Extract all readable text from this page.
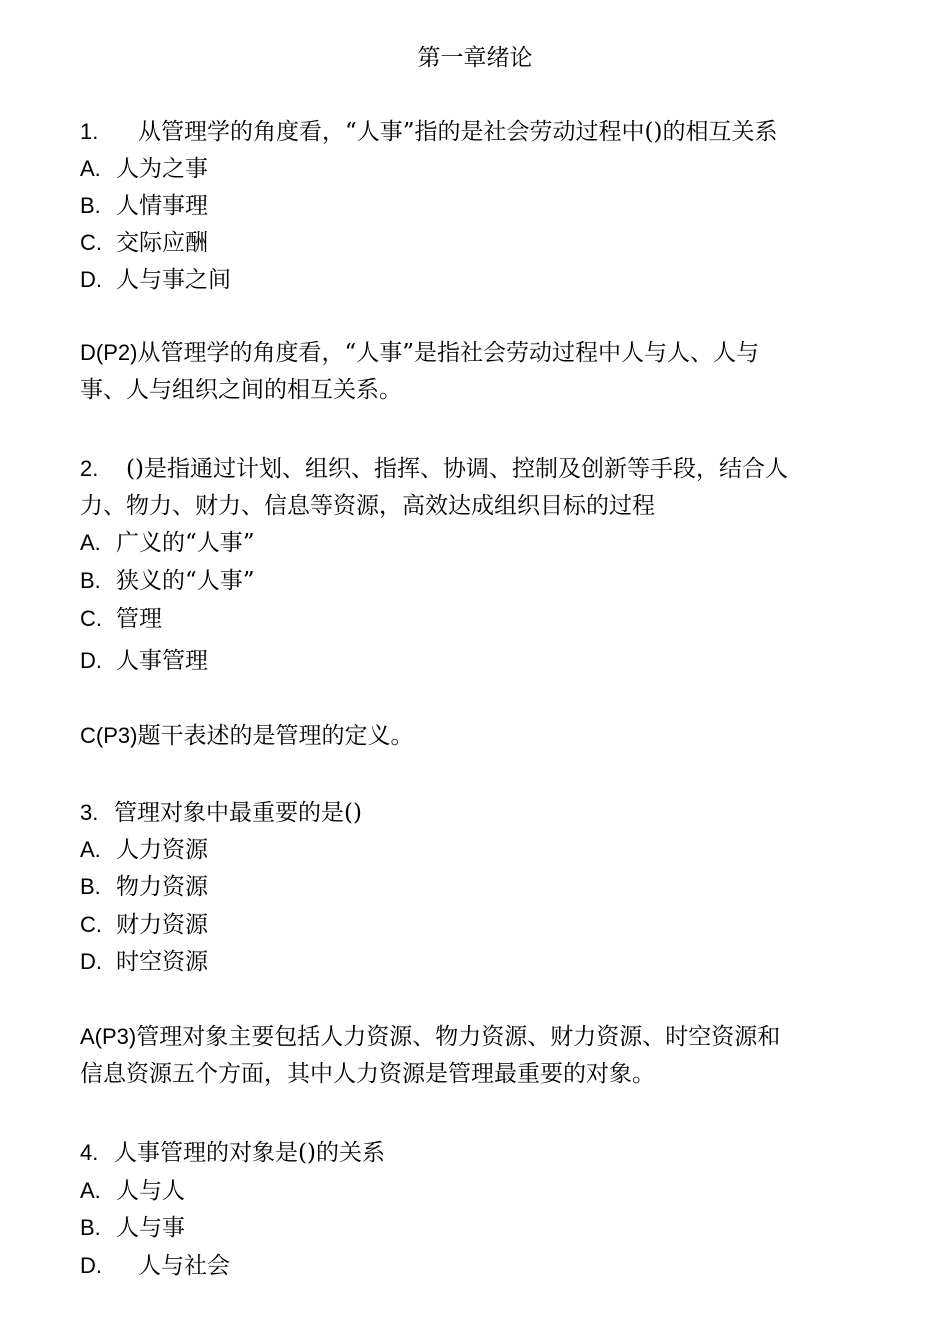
第一章绪论
1. 从管理学的角度看，“人事”指的是社会劳动过程中()的相互关系
A. 人为之事
B. 人情事理
C. 交际应酬
D. 人与事之间
D(P2)从管理学的角度看，“人事”是指社会劳动过程中人与人、人与
事、人与组织之间的相互关系。
2. ()是指通过计划、组织、指挥、协调、控制及创新等手段，结合人
力、物力、财力、信息等资源，高效达成组织目标的过程
A. 广义的“人事”
B. 狭义的“人事”
C. 管理
D. 人事管理
C(P3)题干表述的是管理的定义。
3. 管理对象中最重要的是()
A. 人力资源
B. 物力资源
C. 财力资源
D. 时空资源
A(P3)管理对象主要包括人力资源、物力资源、财力资源、时空资源和
信息资源五个方面，其中人力资源是管理最重要的对象。
4. 人事管理的对象是()的关系
A. 人与人
B. 人与事
D. 人与社会
